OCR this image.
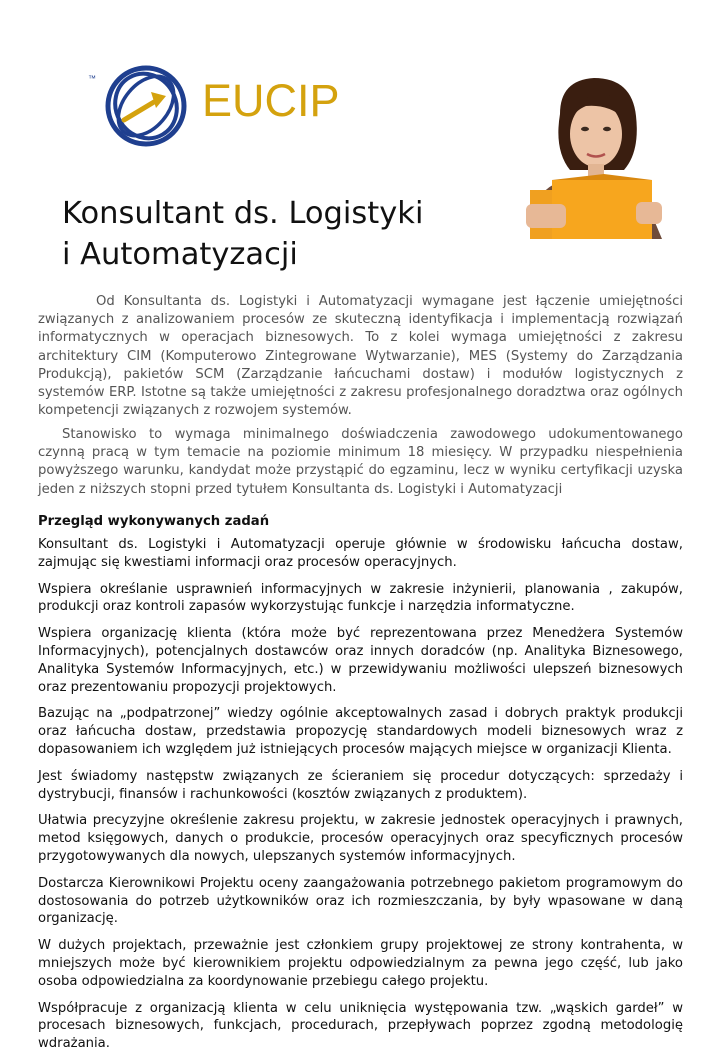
™ EUCIP
Konsultant ds. Logistyki
i Automatyzacji

Od Konsultanta ds. Logistyki i Automatyzacji wymagane jest łączenie umiejętności związanych z analizowaniem procesów ze skuteczną identyfikacja i implementacją rozwiązań informatycznych w operacjach biznesowych. To z kolei wymaga umiejętności z zakresu architektury CIM (Komputerowo Zintegrowane Wytwarzanie), MES (Systemy do Zarządzania Produkcją), pakietów SCM (Zarządzanie łańcuchami dostaw) i modułów logistycznych z systemów ERP. Istotne są także umiejętności z zakresu profesjonalnego doradztwa oraz ogólnych kompetencji związanych z rozwojem systemów.

Stanowisko to wymaga minimalnego doświadczenia zawodowego udokumentowanego czynną pracą w tym temacie na poziomie minimum 18 miesięcy. W przypadku niespełnienia powyższego warunku, kandydat może przystąpić do egzaminu, lecz w wyniku certyfikacji uzyska jeden z niższych stopni przed tytułem Konsultanta ds. Logistyki i Automatyzacji

Przegląd wykonywanych zadań

Konsultant ds. Logistyki i Automatyzacji operuje głównie w środowisku łańcucha dostaw, zajmując się kwestiami informacji oraz procesów operacyjnych.

Wspiera określanie usprawnień informacyjnych w zakresie inżynierii, planowania , zakupów, produkcji oraz kontroli zapasów wykorzystując funkcje i narzędzia informatyczne.

Wspiera organizację klienta (która może być reprezentowana przez Menedżera Systemów Informacyjnych), potencjalnych dostawców oraz innych doradców (np. Analityka Biznesowego, Analityka Systemów Informacyjnych, etc.) w przewidywaniu możliwości ulepszeń biznesowych oraz prezentowaniu propozycji projektowych.

Bazując na „podpatrzonej” wiedzy ogólnie akceptowalnych zasad i dobrych praktyk produkcji oraz łańcucha dostaw, przedstawia propozycję standardowych modeli biznesowych wraz z dopasowaniem ich względem już istniejących procesów mających miejsce w organizacji Klienta.

Jest świadomy następstw związanych ze ścieraniem się procedur dotyczących: sprzedaży i dystrybucji, finansów i rachunkowości (kosztów związanych z produktem).

Ułatwia precyzyjne określenie zakresu projektu, w zakresie jednostek operacyjnych i prawnych, metod księgowych, danych o produkcie, procesów operacyjnych oraz specyficznych procesów przygotowywanych dla nowych, ulepszanych systemów informacyjnych.

Dostarcza Kierownikowi Projektu oceny zaangażowania potrzebnego pakietom programowym do dostosowania do potrzeb użytkowników oraz ich rozmieszczania, by były wpasowane w daną organizację.

W dużych projektach, przeważnie jest członkiem grupy projektowej ze strony kontrahenta, w mniejszych może być kierownikiem projektu odpowiedzialnym za pewna jego część, lub jako osoba odpowiedzialna za koordynowanie przebiegu całego projektu.

Współpracuje z organizacją klienta w celu uniknięcia występowania tzw. „wąskich gardeł” w procesach biznesowych, funkcjach, procedurach, przepływach poprzez zgodną metodologię wdrażania.
